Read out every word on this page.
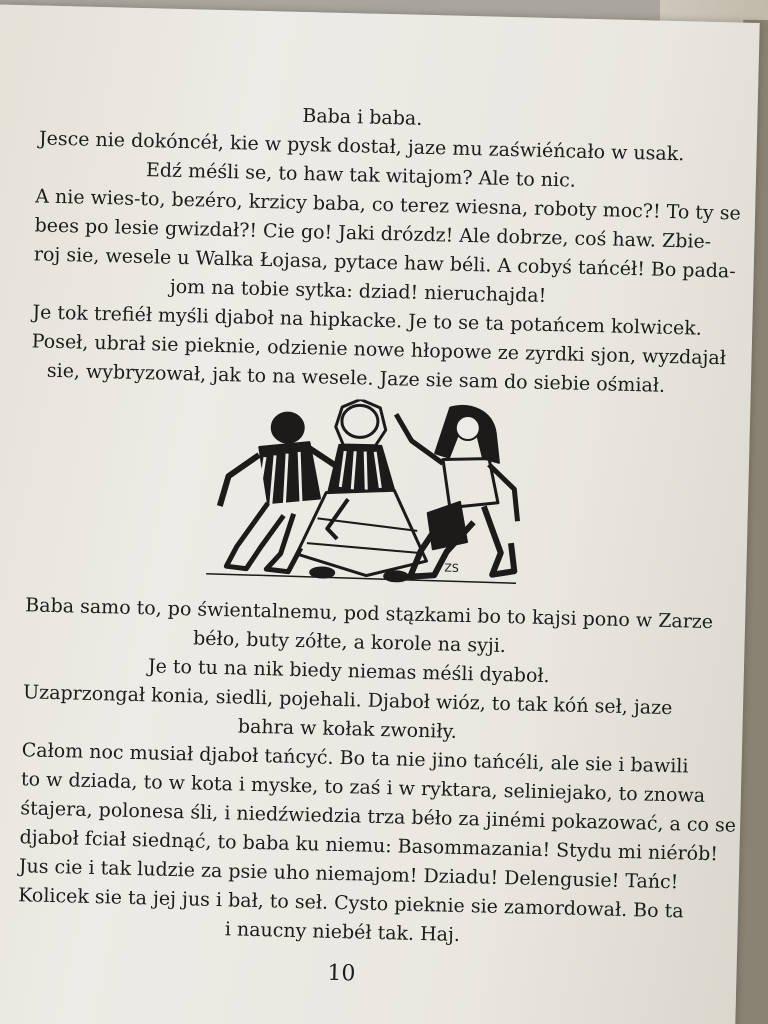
Baba i baba.

Jesce nie dokóncéł, kie w pysk dostał, jaze mu zaświéńcało w usak.

Edź méśli se, to haw tak witajom? Ale to nic.

A nie wies-to, bezéro, krzicy baba, co terez wiesna, roboty moc?! To ty se

bees po lesie gwizdał?! Cie go! Jaki drózdz! Ale dobrze, coś haw. Zbie-

roj sie, wesele u Walka Łojasa, pytace haw béli. A cobyś tańcéł! Bo pada-

jom na tobie sytka: dziad! nieruchajda!

Je tok trefiéł myśli djaboł na hipkacke. Je to se ta potańcem kolwicek.

Poseł, ubrał sie pieknie, odzienie nowe hłopowe ze zyrdki sjon, wyzdajał

sie, wybryzował, jak to na wesele. Jaze sie sam do siebie ośmiał.

ZS

Baba samo to, po świentalnemu, pod stązkami bo to kajsi pono w Zarze

béło, buty zółte, a korole na syji.

Je to tu na nik biedy niemas méśli dyaboł.

Uzaprzongał konia, siedli, pojehali. Djaboł wióz, to tak kóń seł, jaze

bahra w kołak zwoniły.

Całom noc musiał djaboł tańcyć. Bo ta nie jino tańcéli, ale sie i bawili

to w dziada, to w kota i myske, to zaś i w ryktara, seliniejako, to znowa

śtajera, polonesa śli, i niedźwiedzia trza béło za jinémi pokazować, a co se

djaboł fciał siednąć, to baba ku niemu: Basommazania! Stydu mi niérób!

Jus cie i tak ludzie za psie uho niemajom! Dziadu! Delengusie! Tańc!

Kolicek sie ta jej jus i bał, to seł. Cysto pieknie sie zamordował. Bo ta

i naucny niebéł tak. Haj.

10
